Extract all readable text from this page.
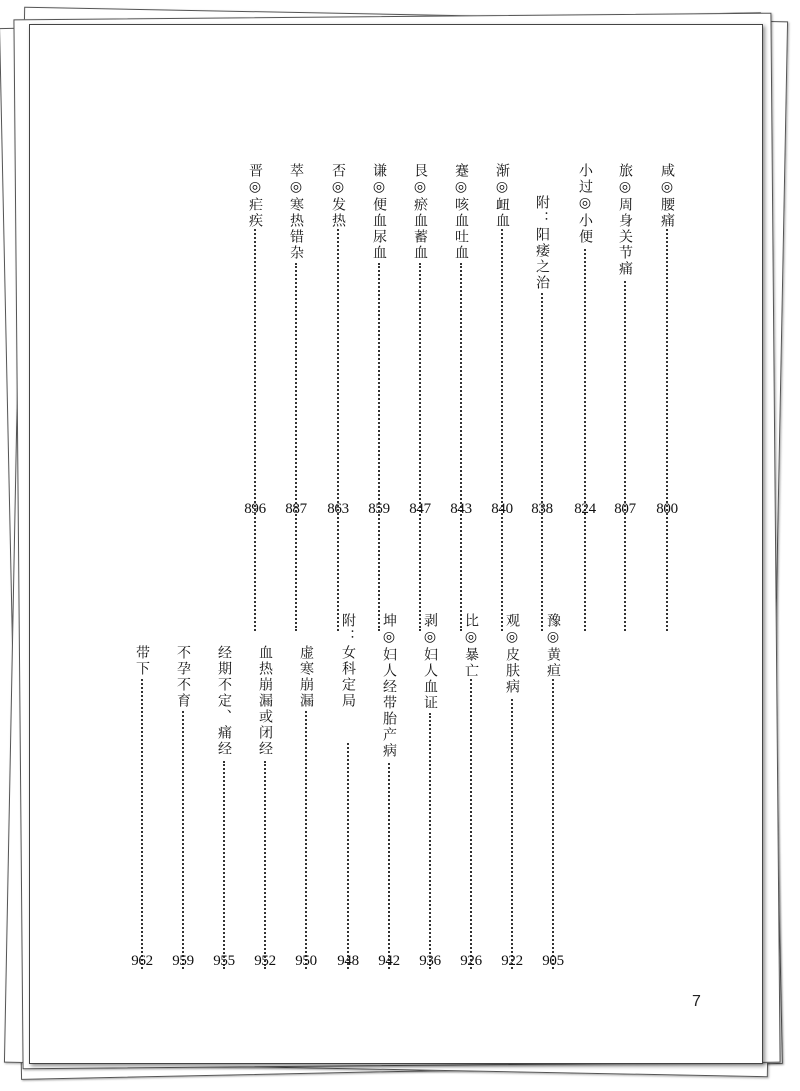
咸◎腰痛
800
旅◎周身关节痛
807
小过◎小便
824
附：阳痿之治
838
渐◎衄血
840
蹇◎咳血吐血
843
艮◎瘀血蓄血
847
谦◎便血尿血
859
否◎发热
863
萃◎寒热错杂
887
晋◎疟疾
896
豫◎黄疸
905
观◎皮肤病
922
比◎暴亡
926
剥◎妇人血证
936
坤◎妇人经带胎产病
942
附：女科定局
948
虚寒崩漏
950
血热崩漏或闭经
952
经期不定、痛经
955
不孕不育
959
带下
962
7
